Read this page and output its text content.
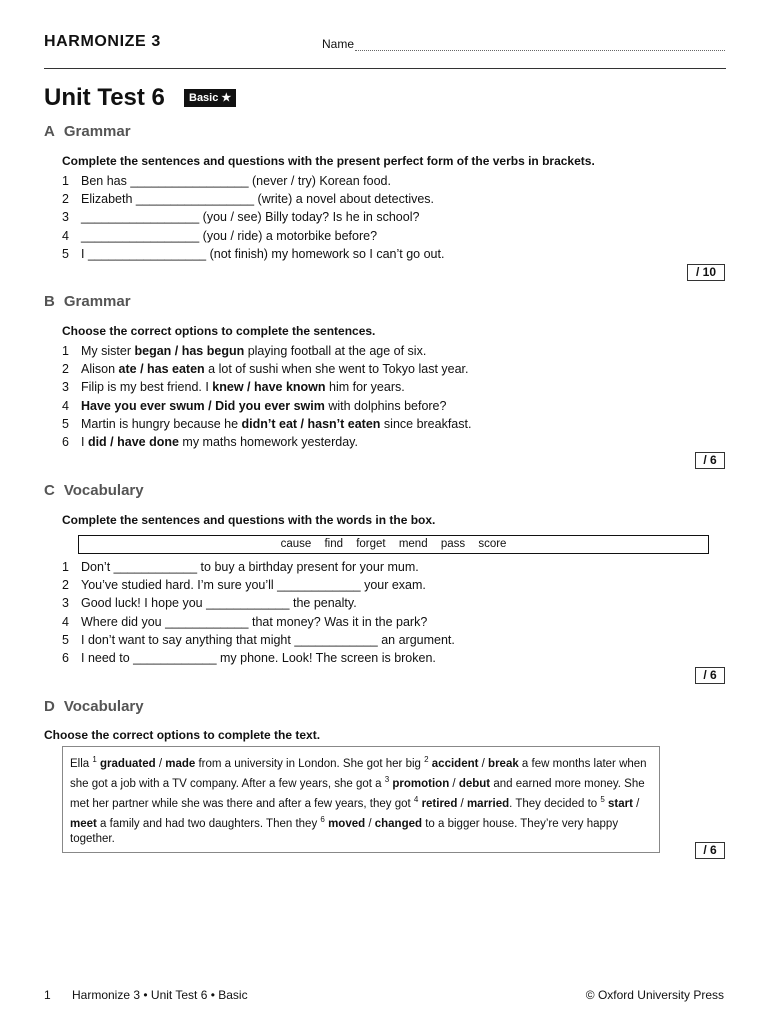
HARMONIZE 3	Name
Unit Test 6	Basic ★
A Grammar
Complete the sentences and questions with the present perfect form of the verbs in brackets.
1 Ben has _________________ (never / try) Korean food.
2 Elizabeth _________________ (write) a novel about detectives.
3 _________________ (you / see) Billy today? Is he in school?
4 _________________ (you / ride) a motorbike before?
5 I _________________ (not finish) my homework so I can’t go out.
/ 10
B Grammar
Choose the correct options to complete the sentences.
1 My sister began / has begun playing football at the age of six.
2 Alison ate / has eaten a lot of sushi when she went to Tokyo last year.
3 Filip is my best friend. I knew / have known him for years.
4 Have you ever swum / Did you ever swim with dolphins before?
5 Martin is hungry because he didn’t eat / hasn’t eaten since breakfast.
6 I did / have done my maths homework yesterday.
/ 6
C Vocabulary
Complete the sentences and questions with the words in the box.
cause find forget mend pass score
1 Don’t ____________ to buy a birthday present for your mum.
2 You’ve studied hard. I’m sure you’ll ____________ your exam.
3 Good luck! I hope you ____________ the penalty.
4 Where did you ____________ that money? Was it in the park?
5 I don’t want to say anything that might ____________ an argument.
6 I need to ____________ my phone. Look! The screen is broken.
/ 6
D Vocabulary
Choose the correct options to complete the text.
Ella $^1$ graduated / made from a university in London. She got her big $^2$ accident / break a few months later when she got a job with a TV company. After a few years, she got a $^3$ promotion / debut and earned more money. She met her partner while she was there and after a few years, they got $^4$ retired / married. They decided to $^5$ start / meet a family and had two daughters. Then they $^6$ moved / changed to a bigger house. They’re very happy together.
/ 6
1 Harmonize 3 • Unit Test 6 • Basic	© Oxford University Press
